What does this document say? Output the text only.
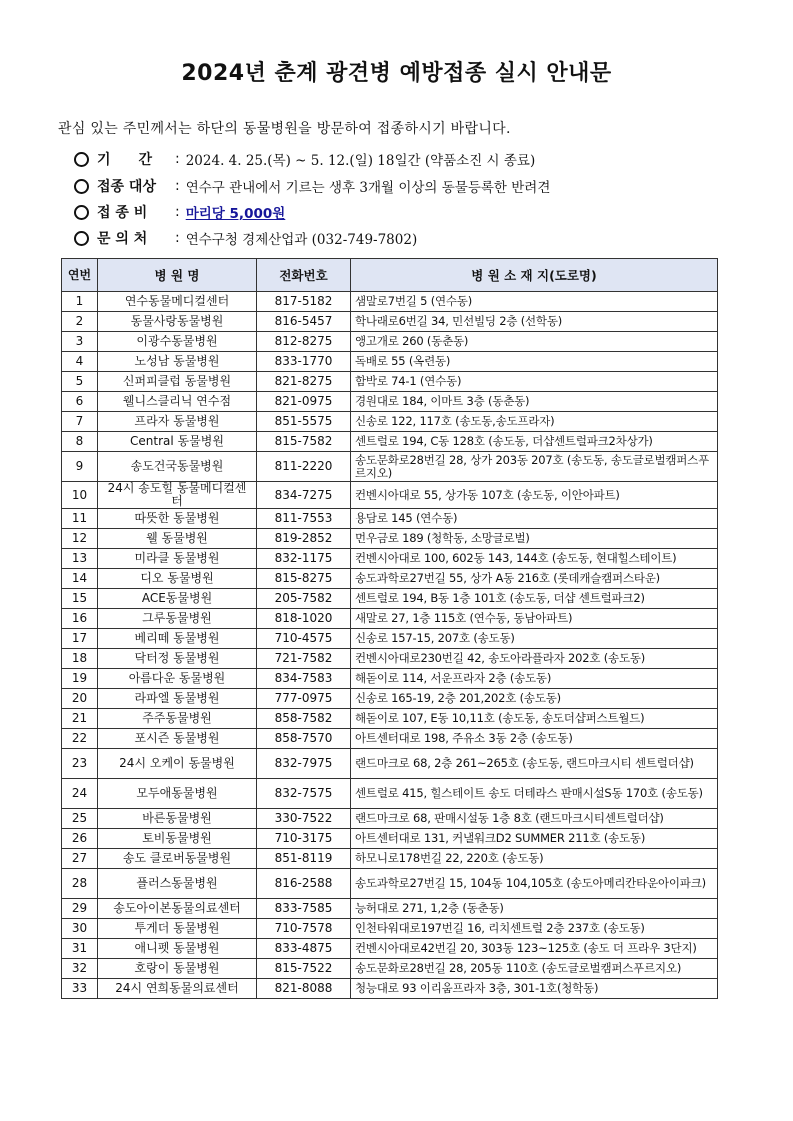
2024년 춘계 광견병 예방접종 실시 안내문
관심 있는 주민께서는 하단의 동물병원을 방문하여 접종하시기 바랍니다.
기　　간	: 2024. 4. 25.(목) ~ 5. 12.(일) 18일간 (약품소진 시 종료)
접종 대상	: 연수구 관내에서 기르는 생후 3개월 이상의 동물등록한 반려견
접 종 비	: 마리당 5,000원
문 의 처	: 연수구청 경제산업과 (032-749-7802)
연번	병 원 명	전화번호	병 원 소 재 지(도로명)
1	연수동물메디컬센터	817-5182	샘말로7번길 5 (연수동)
2	동물사랑동물병원	816-5457	학나래로6번길 34, 민선빌딩 2층 (선학동)
3	이광수동물병원	812-8275	앵고개로 260 (동춘동)
4	노성남 동물병원	833-1770	독배로 55 (옥련동)
5	신퍼피클럽 동물병원	821-8275	함박로 74-1 (연수동)
6	웰니스클리닉 연수점	821-0975	경원대로 184, 이마트 3층 (동춘동)
7	프라자 동물병원	851-5575	신송로 122, 117호 (송도동,송도프라자)
8	Central 동물병원	815-7582	센트럴로 194, C동 128호 (송도동, 더샵센트럴파크2차상가)
9	송도건국동물병원	811-2220	송도문화로28번길 28, 상가 203동 207호 (송도동, 송도글로벌캠퍼스푸르지오)
10	24시 송도힐 동물메디컬센터	834-7275	컨벤시아대로 55, 상가동 107호 (송도동, 이안아파트)
11	따뜻한 동물병원	811-7553	용담로 145 (연수동)
12	웰 동물병원	819-2852	먼우금로 189 (청학동, 소망글로벌)
13	미라클 동물병원	832-1175	컨벤시아대로 100, 602동 143, 144호 (송도동, 현대힐스테이트)
14	디오 동물병원	815-8275	송도과학로27번길 55, 상가 A동 216호 (롯데캐슬캠퍼스타운)
15	ACE동물병원	205-7582	센트럴로 194, B동 1층 101호 (송도동, 더샵 센트럴파크2)
16	그루동물병원	818-1020	새말로 27, 1층 115호 (연수동, 동남아파트)
17	베리떼 동물병원	710-4575	신송로 157-15, 207호 (송도동)
18	닥터정 동물병원	721-7582	컨벤시아대로230번길 42, 송도아라플라자 202호 (송도동)
19	아름다운 동물병원	834-7583	해돋이로 114, 서운프라자 2층 (송도동)
20	라파엘 동물병원	777-0975	신송로 165-19, 2층 201,202호 (송도동)
21	주주동물병원	858-7582	해돋이로 107, E동 10,11호 (송도동, 송도더샵퍼스트월드)
22	포시즌 동물병원	858-7570	아트센터대로 198, 주유소 3동 2층 (송도동)
23	24시 오케이 동물병원	832-7975	랜드마크로 68, 2층 261~265호 (송도동, 랜드마크시티 센트럴더샵)
24	모두애동물병원	832-7575	센트럴로 415, 힐스테이트 송도 더테라스 판매시설S동 170호 (송도동)
25	바른동물병원	330-7522	랜드마크로 68, 판매시설동 1층 8호 (랜드마크시티센트럴더샵)
26	토비동물병원	710-3175	아트센터대로 131, 커낼워크D2 SUMMER 211호 (송도동)
27	송도 클로버동물병원	851-8119	하모니로178번길 22, 220호 (송도동)
28	플러스동물병원	816-2588	송도과학로27번길 15, 104동 104,105호 (송도아메리칸타운아이파크)
29	송도아이본동물의료센터	833-7585	능허대로 271, 1,2층 (동춘동)
30	투게더 동물병원	710-7578	인천타워대로197번길 16, 리치센트럴 2층 237호 (송도동)
31	애니펫 동물병원	833-4875	컨벤시아대로42번길 20, 303동 123~125호 (송도 더 프라우 3단지)
32	호랑이 동물병원	815-7522	송도문화로28번길 28, 205동 110호 (송도글로벌캠퍼스푸르지오)
33	24시 연희동물의료센터	821-8088	청능대로 93 이리움프라자 3층, 301-1호(청학동)
